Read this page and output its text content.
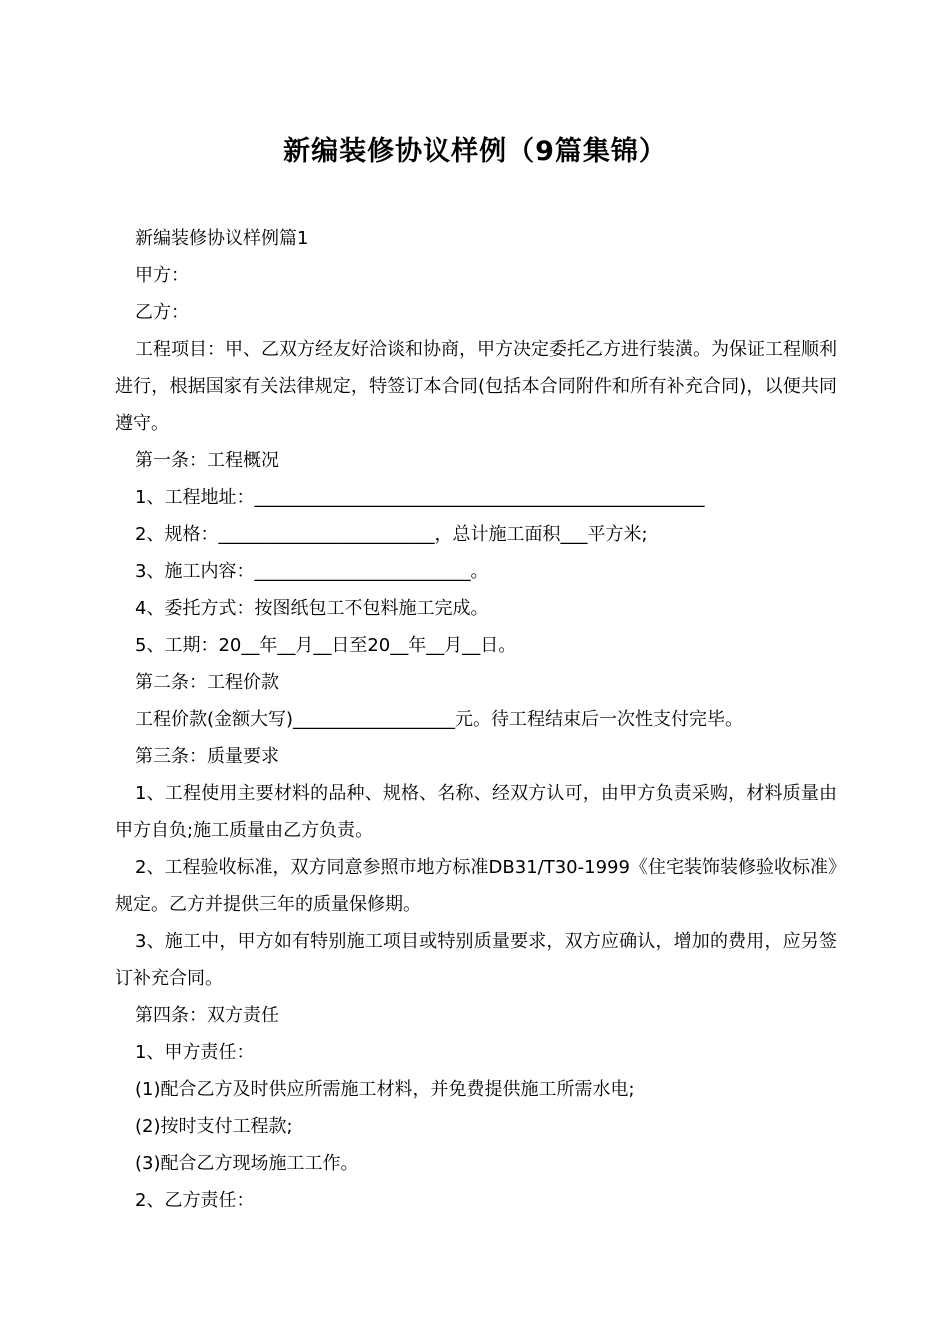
新编装修协议样例（9篇集锦）

新编装修协议样例篇1

甲方：

乙方：

工程项目：甲、乙双方经友好洽谈和协商，甲方决定委托乙方进行装潢。为保证工程顺利进行，根据国家有关法律规定，特签订本合同(包括本合同附件和所有补充合同)，以便共同遵守。

第一条：工程概况

1、工程地址：__________________________________________________

2、规格：________________________，总计施工面积___平方米;

3、施工内容：________________________。

4、委托方式：按图纸包工不包料施工完成。

5、工期：20__年__月__日至20__年__月__日。

第二条：工程价款

工程价款(金额大写)__________________元。待工程结束后一次性支付完毕。

第三条：质量要求

1、工程使用主要材料的品种、规格、名称、经双方认可，由甲方负责采购，材料质量由甲方自负;施工质量由乙方负责。

2、工程验收标准，双方同意参照市地方标准DB31/T30-1999《住宅装饰装修验收标准》规定。乙方并提供三年的质量保修期。

3、施工中，甲方如有特别施工项目或特别质量要求，双方应确认，增加的费用，应另签订补充合同。

第四条：双方责任

1、甲方责任：

(1)配合乙方及时供应所需施工材料，并免费提供施工所需水电;

(2)按时支付工程款;

(3)配合乙方现场施工工作。

2、乙方责任：
